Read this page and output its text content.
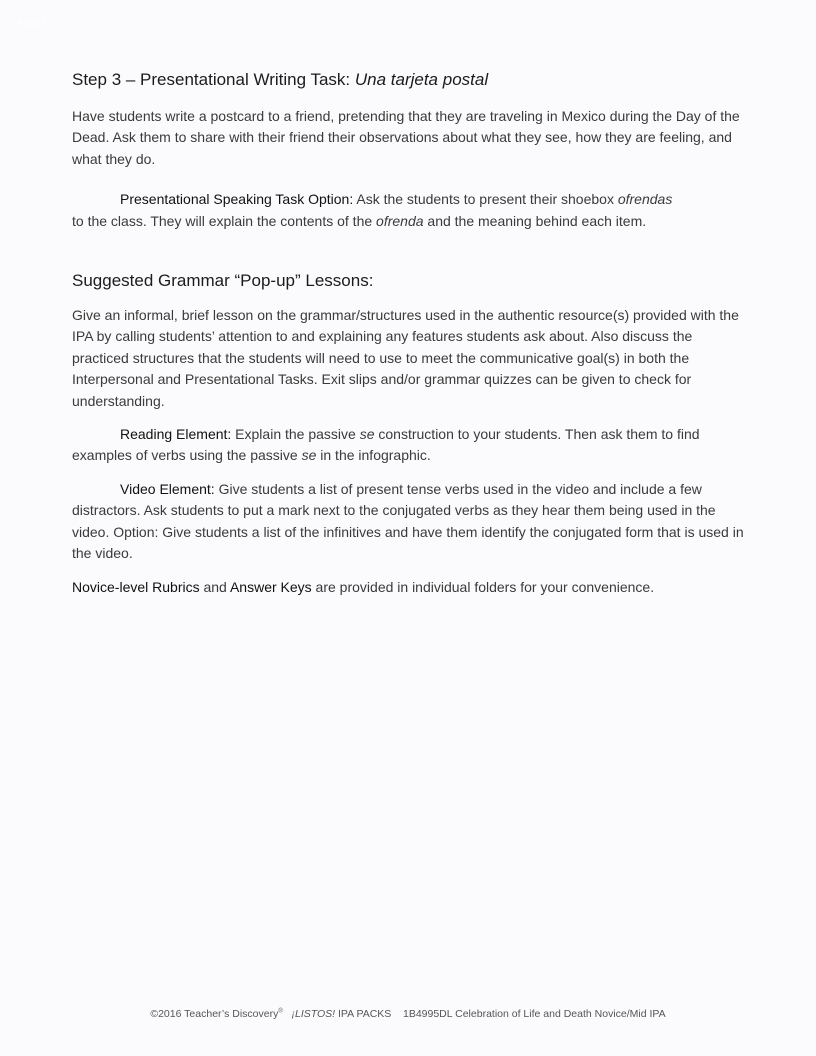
Page 7
Step 3 – Presentational Writing Task: Una tarjeta postal

Have students write a postcard to a friend, pretending that they are traveling in Mexico during the Day of the Dead. Ask them to share with their friend their observations about what they see, how they are feeling, and what they do.

Presentational Speaking Task Option: Ask the students to present their shoebox ofrendas
to the class. They will explain the contents of the ofrenda and the meaning behind each item.

Suggested Grammar “Pop-up” Lessons:

Give an informal, brief lesson on the grammar/structures used in the authentic resource(s) provided with the IPA by calling students’ attention to and explaining any features students ask about. Also discuss the practiced structures that the students will need to use to meet the communicative goal(s) in both the Interpersonal and Presentational Tasks. Exit slips and/or grammar quizzes can be given to check for understanding.

Reading Element: Explain the passive se construction to your students. Then ask them to find examples of verbs using the passive se in the infographic.

Video Element: Give students a list of present tense verbs used in the video and include a few distractors. Ask students to put a mark next to the conjugated verbs as they hear them being used in the video. Option: Give students a list of the infinitives and have them identify the conjugated form that is used in the video.

Novice-level Rubrics and Answer Keys are provided in individual folders for your convenience.

©2016 Teacher’s Discovery® ¡LISTOS! IPA PACKS 1B4995DL Celebration of Life and Death Novice/Mid IPA
